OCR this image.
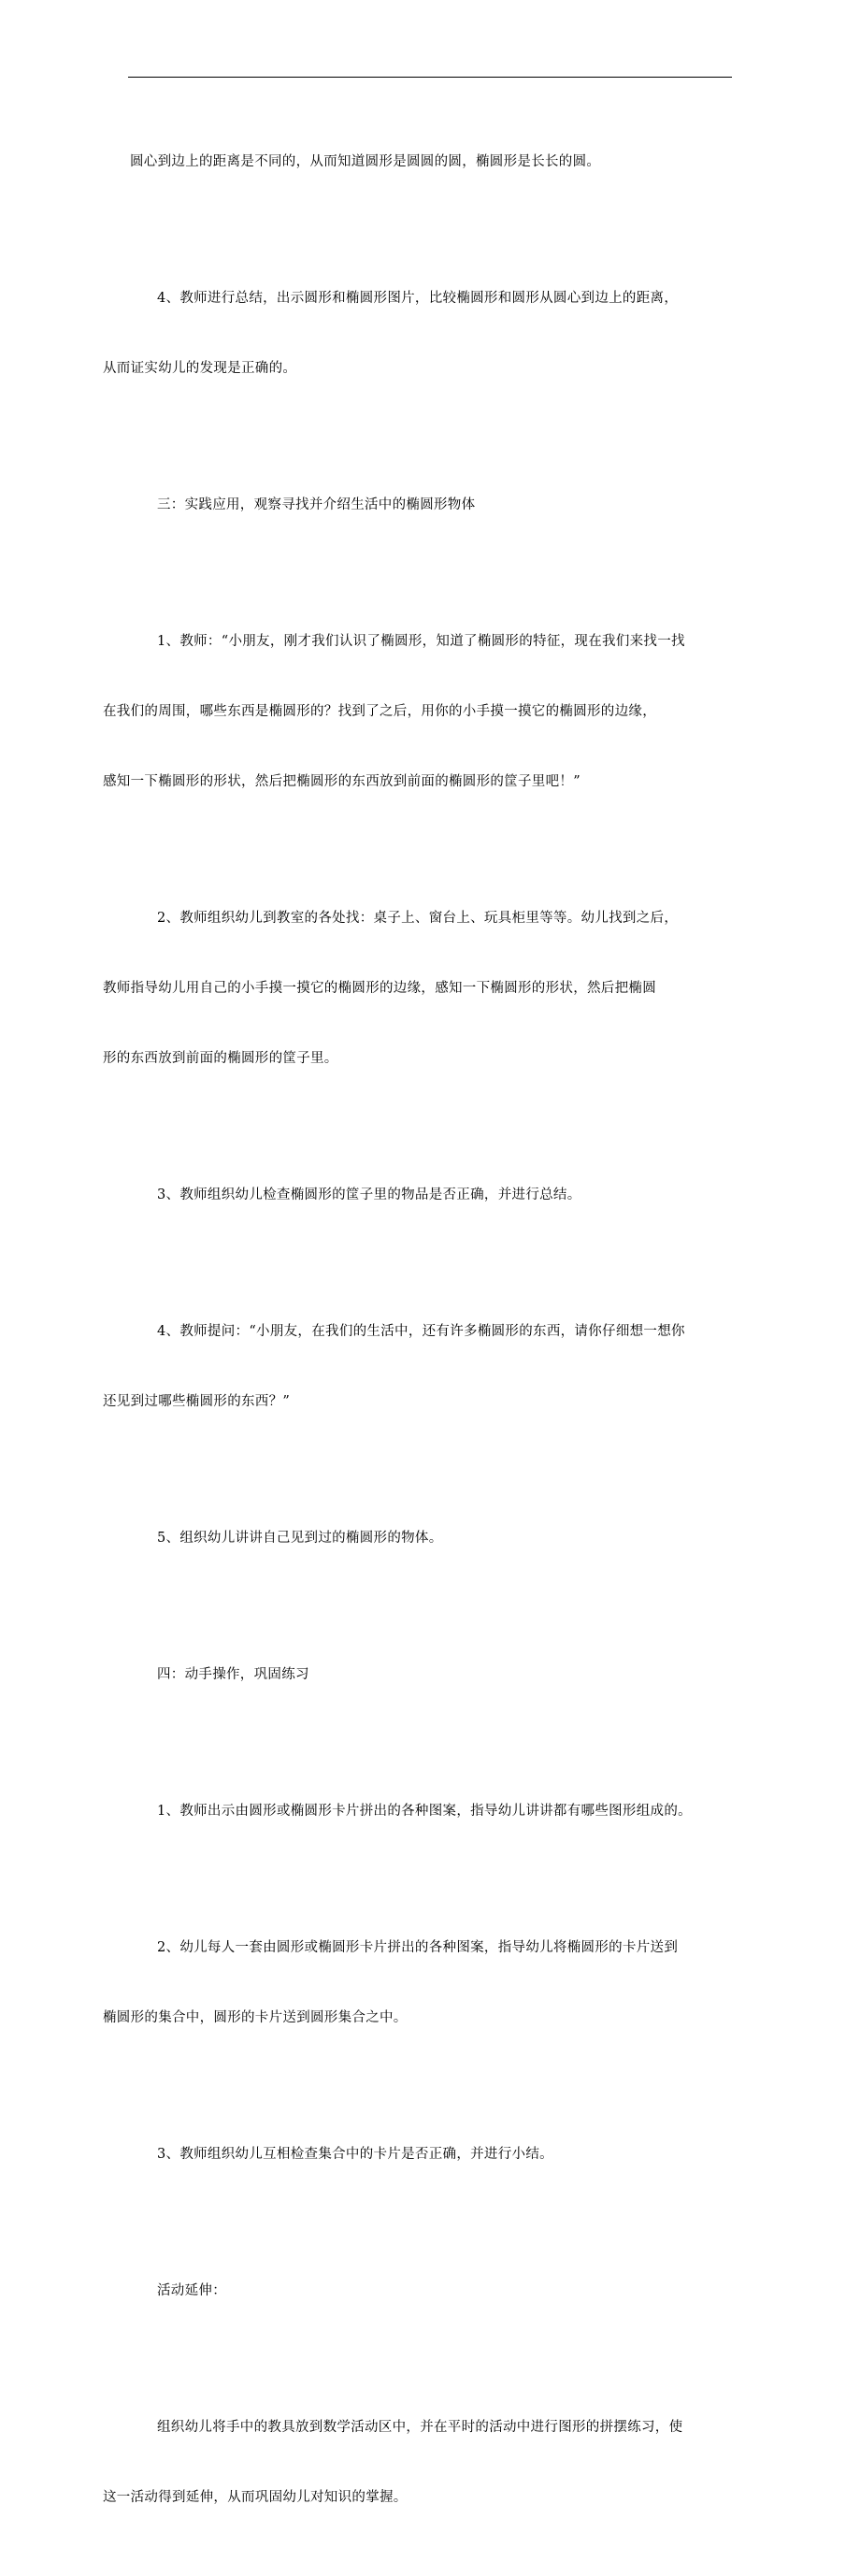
圆心到边上的距离是不同的，从而知道圆形是圆圆的圆，椭圆形是长长的圆。

4、教师进行总结，出示圆形和椭圆形图片，比较椭圆形和圆形从圆心到边上的距离，

从而证实幼儿的发现是正确的。

三：实践应用，观察寻找并介绍生活中的椭圆形物体

1、教师：“小朋友，刚才我们认识了椭圆形，知道了椭圆形的特征，现在我们来找一找

在我们的周围，哪些东西是椭圆形的？找到了之后，用你的小手摸一摸它的椭圆形的边缘，

感知一下椭圆形的形状，然后把椭圆形的东西放到前面的椭圆形的筐子里吧！”

2、教师组织幼儿到教室的各处找：桌子上、窗台上、玩具柜里等等。幼儿找到之后，

教师指导幼儿用自己的小手摸一摸它的椭圆形的边缘，感知一下椭圆形的形状，然后把椭圆

形的东西放到前面的椭圆形的筐子里。

3、教师组织幼儿检查椭圆形的筐子里的物品是否正确，并进行总结。

4、教师提问：“小朋友，在我们的生活中，还有许多椭圆形的东西，请你仔细想一想你

还见到过哪些椭圆形的东西？”

5、组织幼儿讲讲自己见到过的椭圆形的物体。

四：动手操作，巩固练习

1、教师出示由圆形或椭圆形卡片拼出的各种图案，指导幼儿讲讲都有哪些图形组成的。

2、幼儿每人一套由圆形或椭圆形卡片拼出的各种图案，指导幼儿将椭圆形的卡片送到

椭圆形的集合中，圆形的卡片送到圆形集合之中。

3、教师组织幼儿互相检查集合中的卡片是否正确，并进行小结。

活动延伸：

组织幼儿将手中的教具放到数学活动区中，并在平时的活动中进行图形的拼摆练习，使

这一活动得到延伸，从而巩固幼儿对知识的掌握。
